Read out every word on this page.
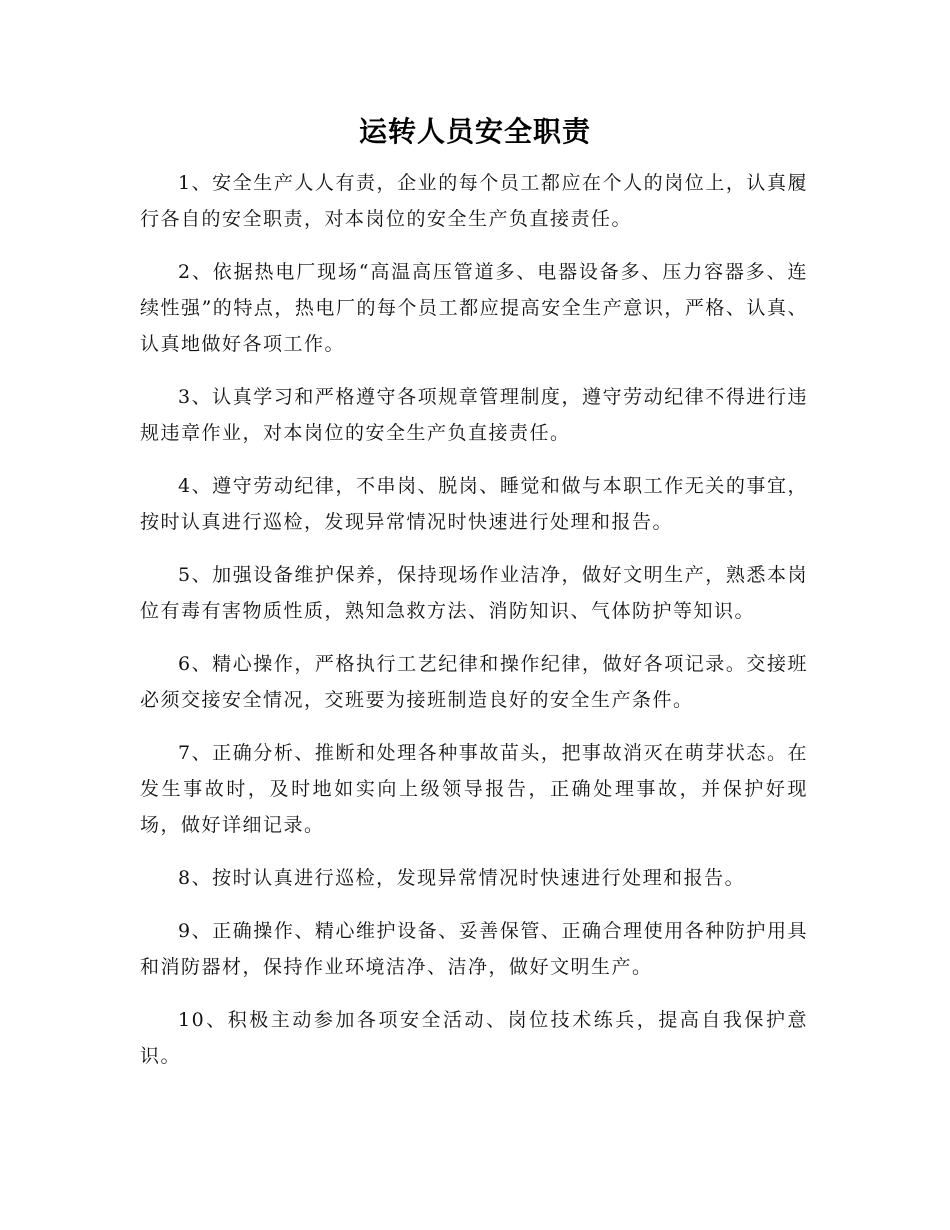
运转人员安全职责

1、安全生产人人有责，企业的每个员工都应在个人的岗位上，认真履行各自的安全职责，对本岗位的安全生产负直接责任。

2、依据热电厂现场“高温高压管道多、电器设备多、压力容器多、连续性强”的特点，热电厂的每个员工都应提高安全生产意识，严格、认真、认真地做好各项工作。

3、认真学习和严格遵守各项规章管理制度，遵守劳动纪律不得进行违规违章作业，对本岗位的安全生产负直接责任。

4、遵守劳动纪律，不串岗、脱岗、睡觉和做与本职工作无关的事宜，按时认真进行巡检，发现异常情况时快速进行处理和报告。

5、加强设备维护保养，保持现场作业洁净，做好文明生产，熟悉本岗位有毒有害物质性质，熟知急救方法、消防知识、气体防护等知识。

6、精心操作，严格执行工艺纪律和操作纪律，做好各项记录。交接班必须交接安全情况，交班要为接班制造良好的安全生产条件。

7、正确分析、推断和处理各种事故苗头，把事故消灭在萌芽状态。在发生事故时，及时地如实向上级领导报告，正确处理事故，并保护好现场，做好详细记录。

8、按时认真进行巡检，发现异常情况时快速进行处理和报告。

9、正确操作、精心维护设备、妥善保管、正确合理使用各种防护用具和消防器材，保持作业环境洁净、洁净，做好文明生产。

10、积极主动参加各项安全活动、岗位技术练兵，提高自我保护意识。
